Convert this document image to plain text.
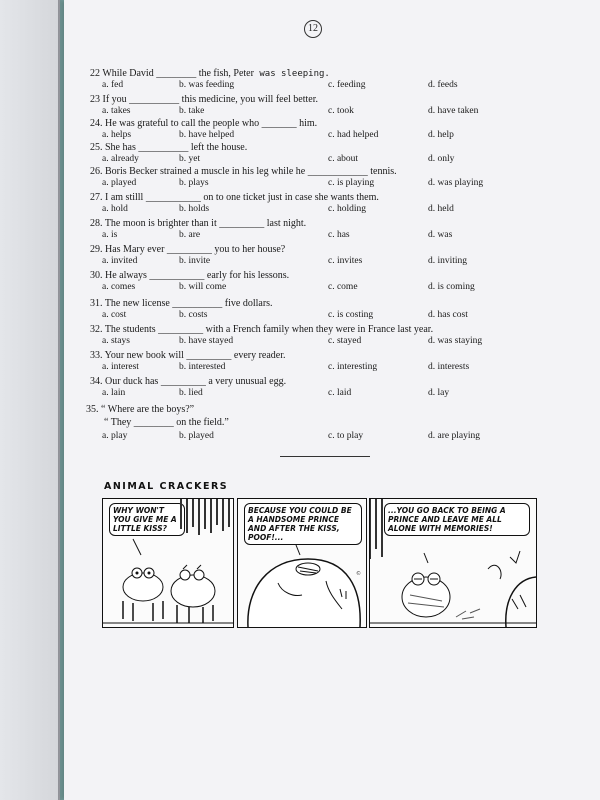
12
22 While David ________ the fish, Peter was sleeping.
a. fed	b. was feeding	c. feeding	d. feeds
23 If you __________ this medicine, you will feel better.
a. takes	b. take	c. took	d. have taken
24. He was grateful to call the people who _______ him.
a. helps	b. have helped	c. had helped	d. help
25. She has __________ left the house.
a. already	b. yet	c. about	d. only
26. Boris Becker strained a muscle in his leg while he ____________ tennis.
a. played	b. plays	c. is playing	d. was playing
27. I am stilll ___________ on to one ticket just in case she wants them.
a. hold	b. holds	c. holding	d. held
28. The moon is brighter than it _________ last night.
a. is	b. are	c. has	d. was
29. Has Mary ever _________ you to her house?
a. invited	b. invite	c. invites	d. inviting
30. He always ___________ early for his lessons.
a. comes	b. will come	c. come	d. is coming
31. The new license __________ five dollars.
a. cost	b. costs	c. is costing	d. has cost
32. The students _________ with a French family when they were in France last year.
a. stays	b. have stayed	c. stayed	d. was staying
33. Your new book will _________ every reader.
a. interest	b. interested	c. interesting	d. interests
34. Our duck has _________ a very unusual egg.
a. lain	b. lied	c. laid	d. lay
35. “ Where are the boys?”
“ They ________ on the field.”
a. play	b. played	c. to play	d. are playing
ANIMAL CRACKERS
WHY WON'T YOU GIVE ME A LITTLE KISS?
BECAUSE YOU COULD BE A HANDSOME PRINCE AND AFTER THE KISS, POOF!...
©
...YOU GO BACK TO BEING A PRINCE AND LEAVE ME ALL ALONE WITH MEMORIES!
